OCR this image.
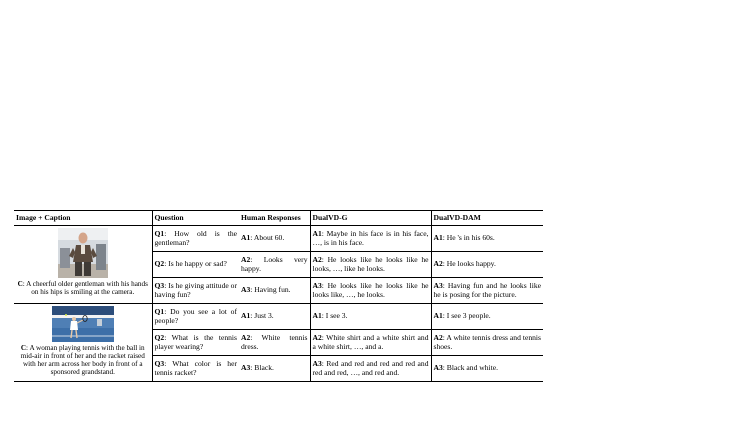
Image + Caption	Question	Human Responses	DualVD-G	DualVD-DAM

C: A cheerful older gentleman with his hands on his hips is smiling at the camera.	Q1: How old is the gentleman?	A1: About 60.	A1: Maybe in his face is in his face, …, is in his face.	A1: He 's in his 60s.
	Q2: Is he happy or sad?	A2: Looks very happy.	A2: He looks like he looks like he looks, …, like he looks.	A2: He looks happy.
	Q3: Is he giving attitude or having fun?	A3: Having fun.	A3: He looks like he looks like he looks like, …, he looks.	A3: Having fun and he looks like he is posing for the picture.

C: A woman playing tennis with the ball in mid-air in front of her and the racket raised with her arm across her body in front of a sponsored grandstand.	Q1: Do you see a lot of people?	A1: Just 3.	A1: I see 3.	A1: I see 3 people.
	Q2: What is the tennis player wearing?	A2: White tennis dress.	A2: White shirt and a white shirt and a white shirt, …, and a.	A2: A white tennis dress and tennis shoes.
	Q3: What color is her tennis racket?	A3: Black.	A3: Red and red and red and red and red and red, …, and red and.	A3: Black and white.
